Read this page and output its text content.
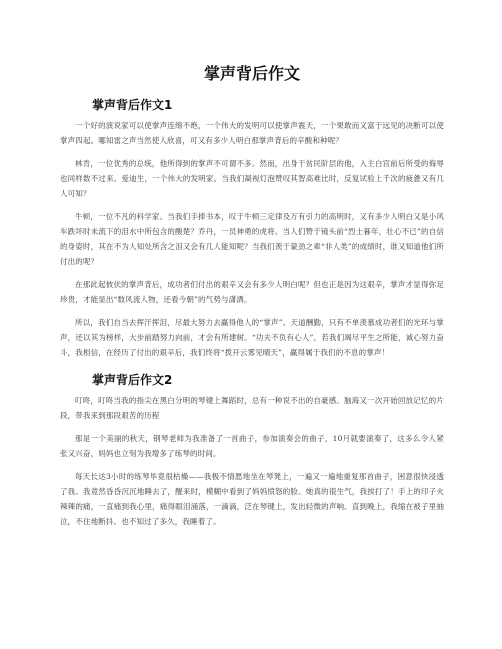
掌声背后作文
掌声背后作文1

一个好的演说家可以使掌声连绵不绝，一个伟大的发明可以使掌声震天，一个果敢而又富于远见的决断可以使掌声四起。哪知雷之声当然使人欣喜，可又有多少人明白那掌声背后的辛酸和种呢？

林肯，一位优秀的总统，他所得到的掌声不可谓不多。然而，出身于贫民阶层的他，入主白宫前后所受的侮辱也同样数不过来。爱迪生，一个伟大的发明家。当我们凝视灯泡赞叹其智高难比时，反复试验上千次的疲惫又有几人可知？

牛顿，一位不凡的科学家。当我们手捧书本，叹于牛顿三定律及万有引力的高明时，又有多少人明白又是小风车跌坏时未流下的泪水中所包含的酸楚？乔丹，一员神勇的虎将。当人们赞于镜头前“烈士暮年，壮心不已”的自信的身姿时，其在不为人知处所含之泪又会有几人能知呢？当我们羡于蒙劲之辈“非人类”的成绩时，谁又知道他们所付出的呢？

在那此起彼伏的掌声背后，成功者们付出的艰辛又会有多少人明白呢？但也正是因为这艰辛，掌声才显得弥足珍贵，才能显出“数风流人物，还看今朝”的气势与潇洒。

所以，我们自当去挥汗挥泪，尽最大努力去赢得他人的“掌声”。天道酬勤，只有不单羡慕成功者们的光环与掌声，还以其为榜样，大步前踏努力向前，才会有所建树。“功夫不负有心人”，若我们竭尽平生之所能，诚心努力奋斗，我相信，在经历了付出的艰辛后，我们终将“拨开云雾见晴天”，赢得属于我们的不息的掌声！

掌声背后作文2

叮咚，叮咚当我的指尖在黑白分明的琴键上舞蹈时，总有一种说不出的自豪感。脑海又一次开始回放记忆的片段，带我来到那段艰苦的历程

那是一个美丽的秋天，钢琴老师为我准备了一首曲子，参加演奏会的曲子，10月就要演奏了，这多么令人紧张又兴奋，妈妈也立刻为我增多了练琴的时间。

每天长达3小时的练琴毕竟很枯燥——我极不情愿地坐在琴凳上，一遍又一遍地重复那首曲子，困意很快浸透了我。我竟然昏昏沉沉地睡去了，醒来时，模糊中看到了妈妈愤怒的脸。她真的很生气，我挨打了！手上的印子火辣辣的痛，一直痛到我心里，痛得眼泪涌落，一滴滴，泛在琴键上，发出轻微的声响。直到晚上，我缩在被子里抽泣，不住地断抖。也不知过了多久，我睡着了。
